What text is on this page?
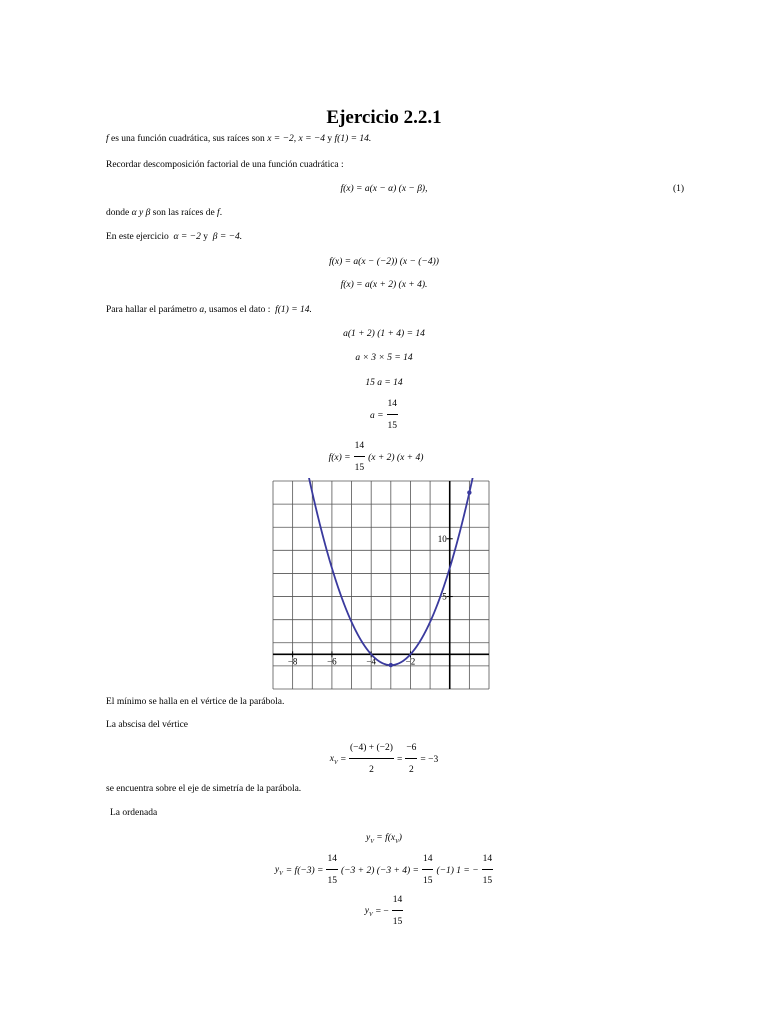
Ejercicio 2.2.1
f es una función cuadrática, sus raíces son x = −2, x = −4 y f(1) = 14.
Recordar descomposición factorial de una función cuadrática :
f(x) = a(x − α) (x − β),	(1)
donde α y β son las raíces de f.
En este ejercicio α = −2 y β = −4.
f(x) = a(x − (−2)) (x − (−4))
f(x) = a(x + 2) (x + 4).
Para hallar el parámetro a, usamos el dato : f(1) = 14.
a(1 + 2) (1 + 4) = 14
a × 3 × 5 = 14
15 a = 14
$a = \frac{14}{15}$
$f(x) = \frac{14}{15} (x + 2) (x + 4)$
−8	−6	−4	−2
5
10
El mínimo se halla en el vértice de la parábola.
La abscisa del vértice
$x_V = \frac{(-4) + (-2)}{2} = \frac{-6}{2} = -3$
se encuentra sobre el eje de simetría de la parábola.
La ordenada
$y_V = f(x_V)$
$y_V = f(-3) = \frac{14}{15} (-3 + 2) (-3 + 4) = \frac{14}{15} (-1) 1$ = − $\frac{14}{15}$
$y_V$ = − $\frac{14}{15}$
